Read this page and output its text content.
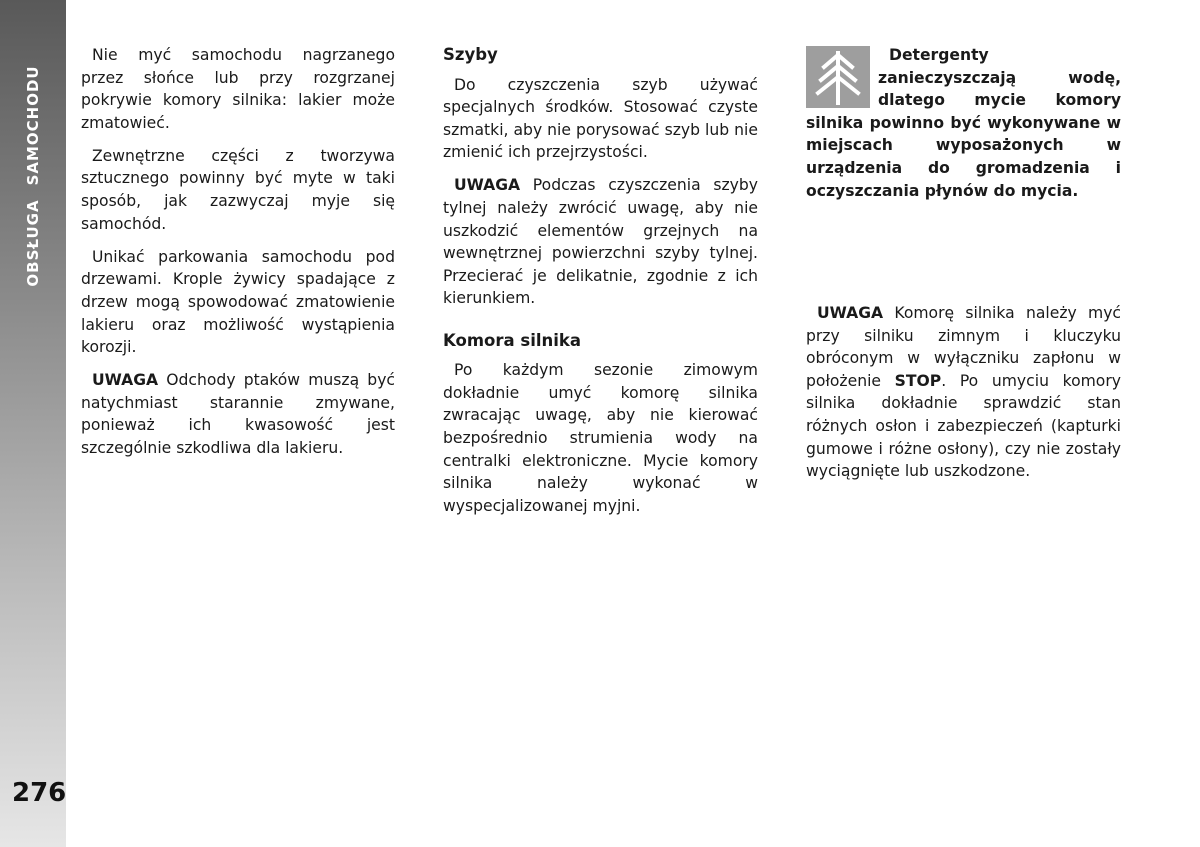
OBSŁUGASAMOCHODU
276

Nie myć samochodu nagrzanego przez słońce lub przy rozgrzanej pokrywie komory silnika: lakier może zmatowieć.

Zewnętrzne części z tworzywa sztucznego powinny być myte w taki sposób, jak zazwyczaj myje się samochód.

Unikać parkowania samochodu pod drzewami. Krople żywicy spadające z drzew mogą spowodować zmatowienie lakieru oraz możliwość wystąpienia korozji.

UWAGA Odchody ptaków muszą być natychmiast starannie zmywane, ponieważ ich kwasowość jest szczególnie szkodliwa dla lakieru.

Szyby

Do czyszczenia szyb używać specjalnych środków. Stosować czyste szmatki, aby nie porysować szyb lub nie zmienić ich przejrzystości.

UWAGA Podczas czyszczenia szyby tylnej należy zwrócić uwagę, aby nie uszkodzić elementów grzejnych na wewnętrznej powierzchni szyby tylnej. Przecierać je delikatnie, zgodnie z ich kierunkiem.

Komora silnika

Po każdym sezonie zimowym dokładnie umyć komorę silnika zwracając uwagę, aby nie kierować bezpośrednio strumienia wody na centralki elektroniczne. Mycie komory silnika należy wykonać w wyspecjalizowanej myjni.

Detergenty zanieczyszczają wodę, dlatego mycie komory silnika powinno być wykonywane w miejscach wyposażonych w urządzenia do gromadzenia i oczyszczania płynów do mycia.

UWAGA Komorę silnika należy myć przy silniku zimnym i kluczyku obróconym w wyłączniku zapłonu w położenie STOP. Po umyciu komory silnika dokładnie sprawdzić stan różnych osłon i zabezpieczeń (kapturki gumowe i różne osłony), czy nie zostały wyciągnięte lub uszkodzone.
